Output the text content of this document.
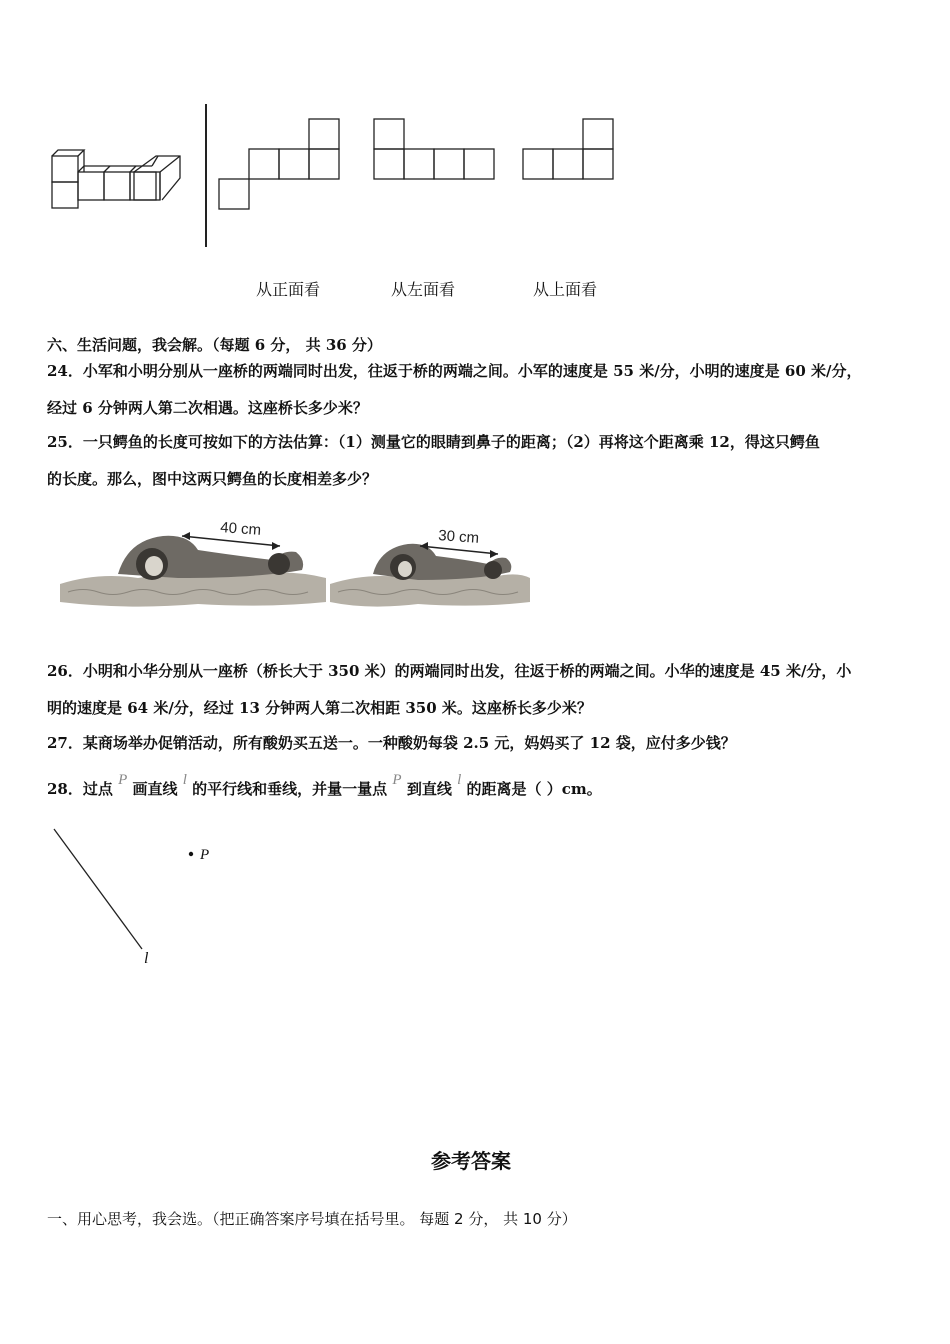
从正面看	从左面看	从上面看
六、生活问题，我会解。（每题 6 分， 共 36 分）
24．小军和小明分别从一座桥的两端同时出发，往返于桥的两端之间。小军的速度是 55 米/分，小明的速度是 60 米/分，
经过 6 分钟两人第二次相遇。这座桥长多少米？
25．一只鳄鱼的长度可按如下的方法估算：（1）测量它的眼睛到鼻子的距离；（2）再将这个距离乘 12，得这只鳄鱼
的长度。那么，图中这两只鳄鱼的长度相差多少？
40 cm	30 cm
26．小明和小华分别从一座桥（桥长大于 350 米）的两端同时出发，往返于桥的两端之间。小华的速度是 45 米/分，小
明的速度是 64 米/分，经过 13 分钟两人第二次相距 350 米。这座桥长多少米？
27．某商场举办促销活动，所有酸奶买五送一。一种酸奶每袋 2.5 元，妈妈买了 12 袋，应付多少钱？
28．过点 P 画直线 l 的平行线和垂线，并量一量点 P 到直线 l 的距离是（ ）cm。
P
l
参考答案
一、用心思考，我会选。（把正确答案序号填在括号里。 每题 2 分， 共 10 分）
